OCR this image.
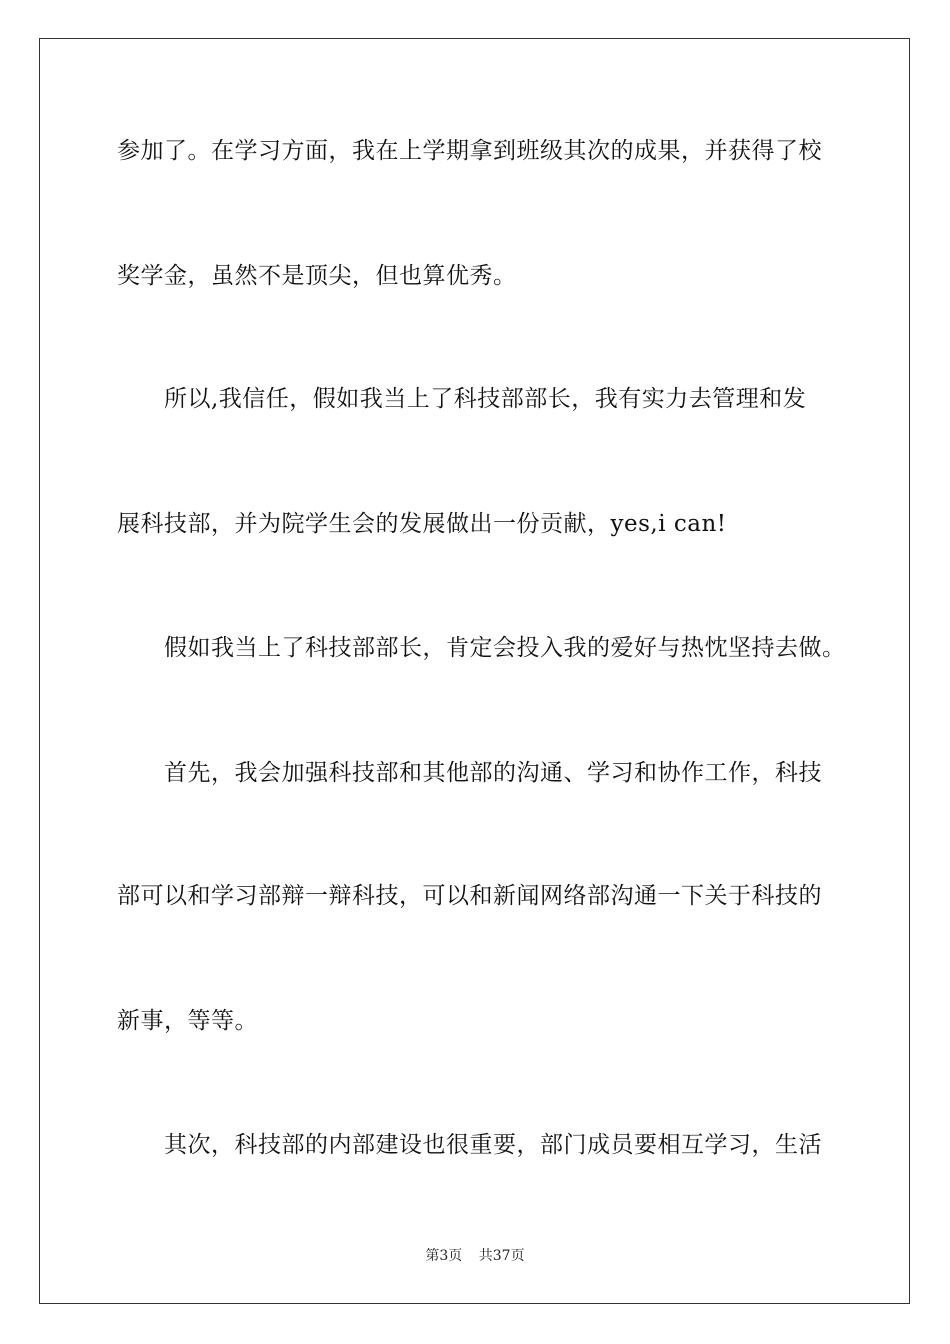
参加了。在学习方面，我在上学期拿到班级其次的成果，并获得了校
奖学金，虽然不是顶尖，但也算优秀。
所以,我信任，假如我当上了科技部部长，我有实力去管理和发
展科技部，并为院学生会的发展做出一份贡献，yes,i can!
假如我当上了科技部部长，肯定会投入我的爱好与热忱坚持去做。
首先，我会加强科技部和其他部的沟通、学习和协作工作，科技
部可以和学习部辩一辩科技，可以和新闻网络部沟通一下关于科技的
新事，等等。
其次，科技部的内部建设也很重要，部门成员要相互学习，生活
第3页 共37页
